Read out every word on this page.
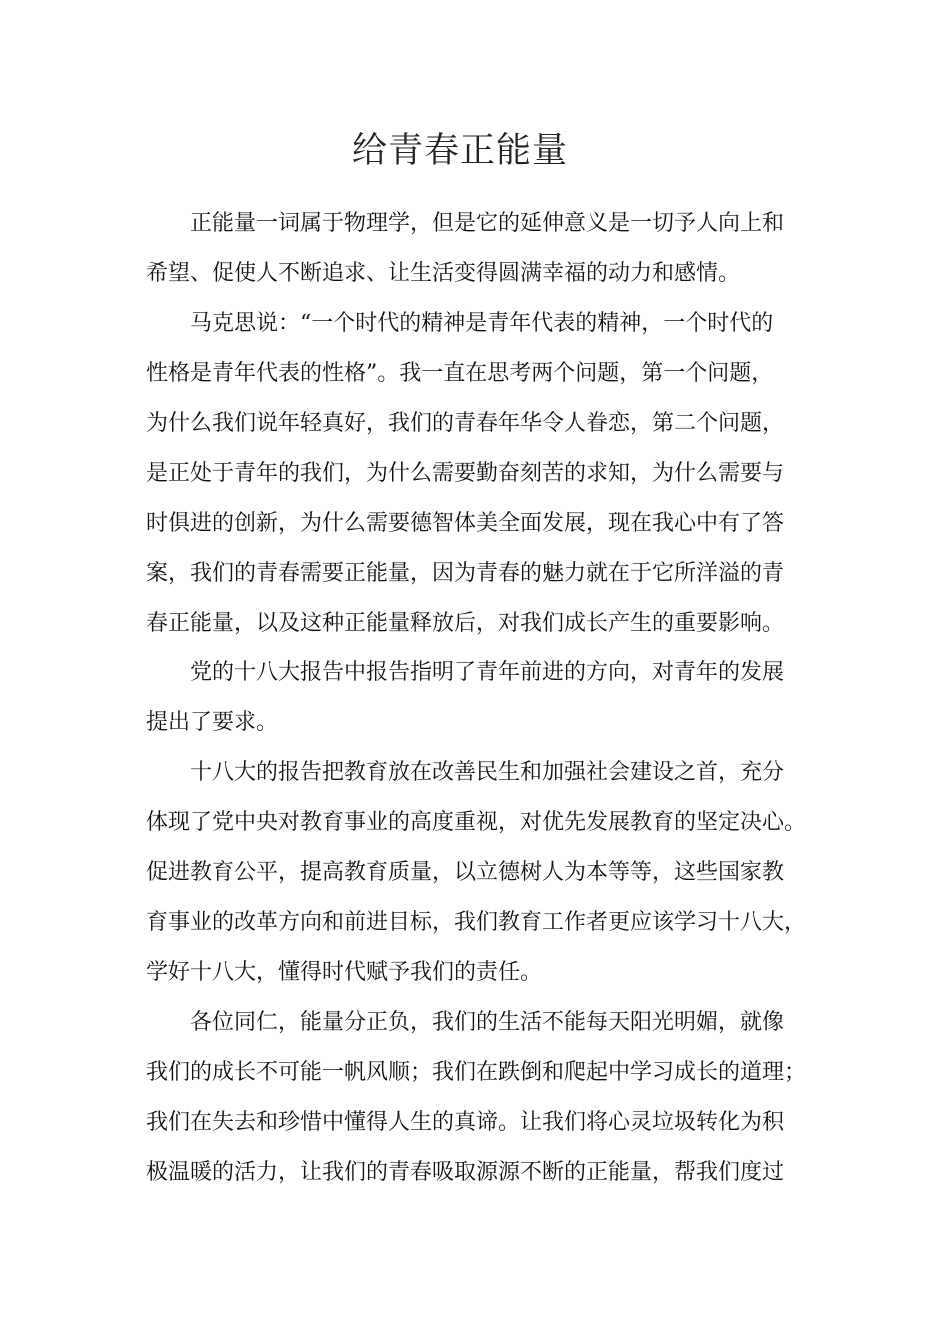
给青春正能量
正能量一词属于物理学，但是它的延伸意义是一切予人向上和
希望、促使人不断追求、让生活变得圆满幸福的动力和感情。
马克思说：“一个时代的精神是青年代表的精神，一个时代的
性格是青年代表的性格”。我一直在思考两个问题，第一个问题，
为什么我们说年轻真好，我们的青春年华令人眷恋，第二个问题，
是正处于青年的我们，为什么需要勤奋刻苦的求知，为什么需要与
时俱进的创新，为什么需要德智体美全面发展，现在我心中有了答
案，我们的青春需要正能量，因为青春的魅力就在于它所洋溢的青
春正能量，以及这种正能量释放后，对我们成长产生的重要影响。
党的十八大报告中报告指明了青年前进的方向，对青年的发展
提出了要求。
十八大的报告把教育放在改善民生和加强社会建设之首，充分
体现了党中央对教育事业的高度重视，对优先发展教育的坚定决心。
促进教育公平，提高教育质量，以立德树人为本等等，这些国家教
育事业的改革方向和前进目标，我们教育工作者更应该学习十八大，
学好十八大，懂得时代赋予我们的责任。
各位同仁，能量分正负，我们的生活不能每天阳光明媚，就像
我们的成长不可能一帆风顺；我们在跌倒和爬起中学习成长的道理；
我们在失去和珍惜中懂得人生的真谛。让我们将心灵垃圾转化为积
极温暖的活力，让我们的青春吸取源源不断的正能量，帮我们度过
